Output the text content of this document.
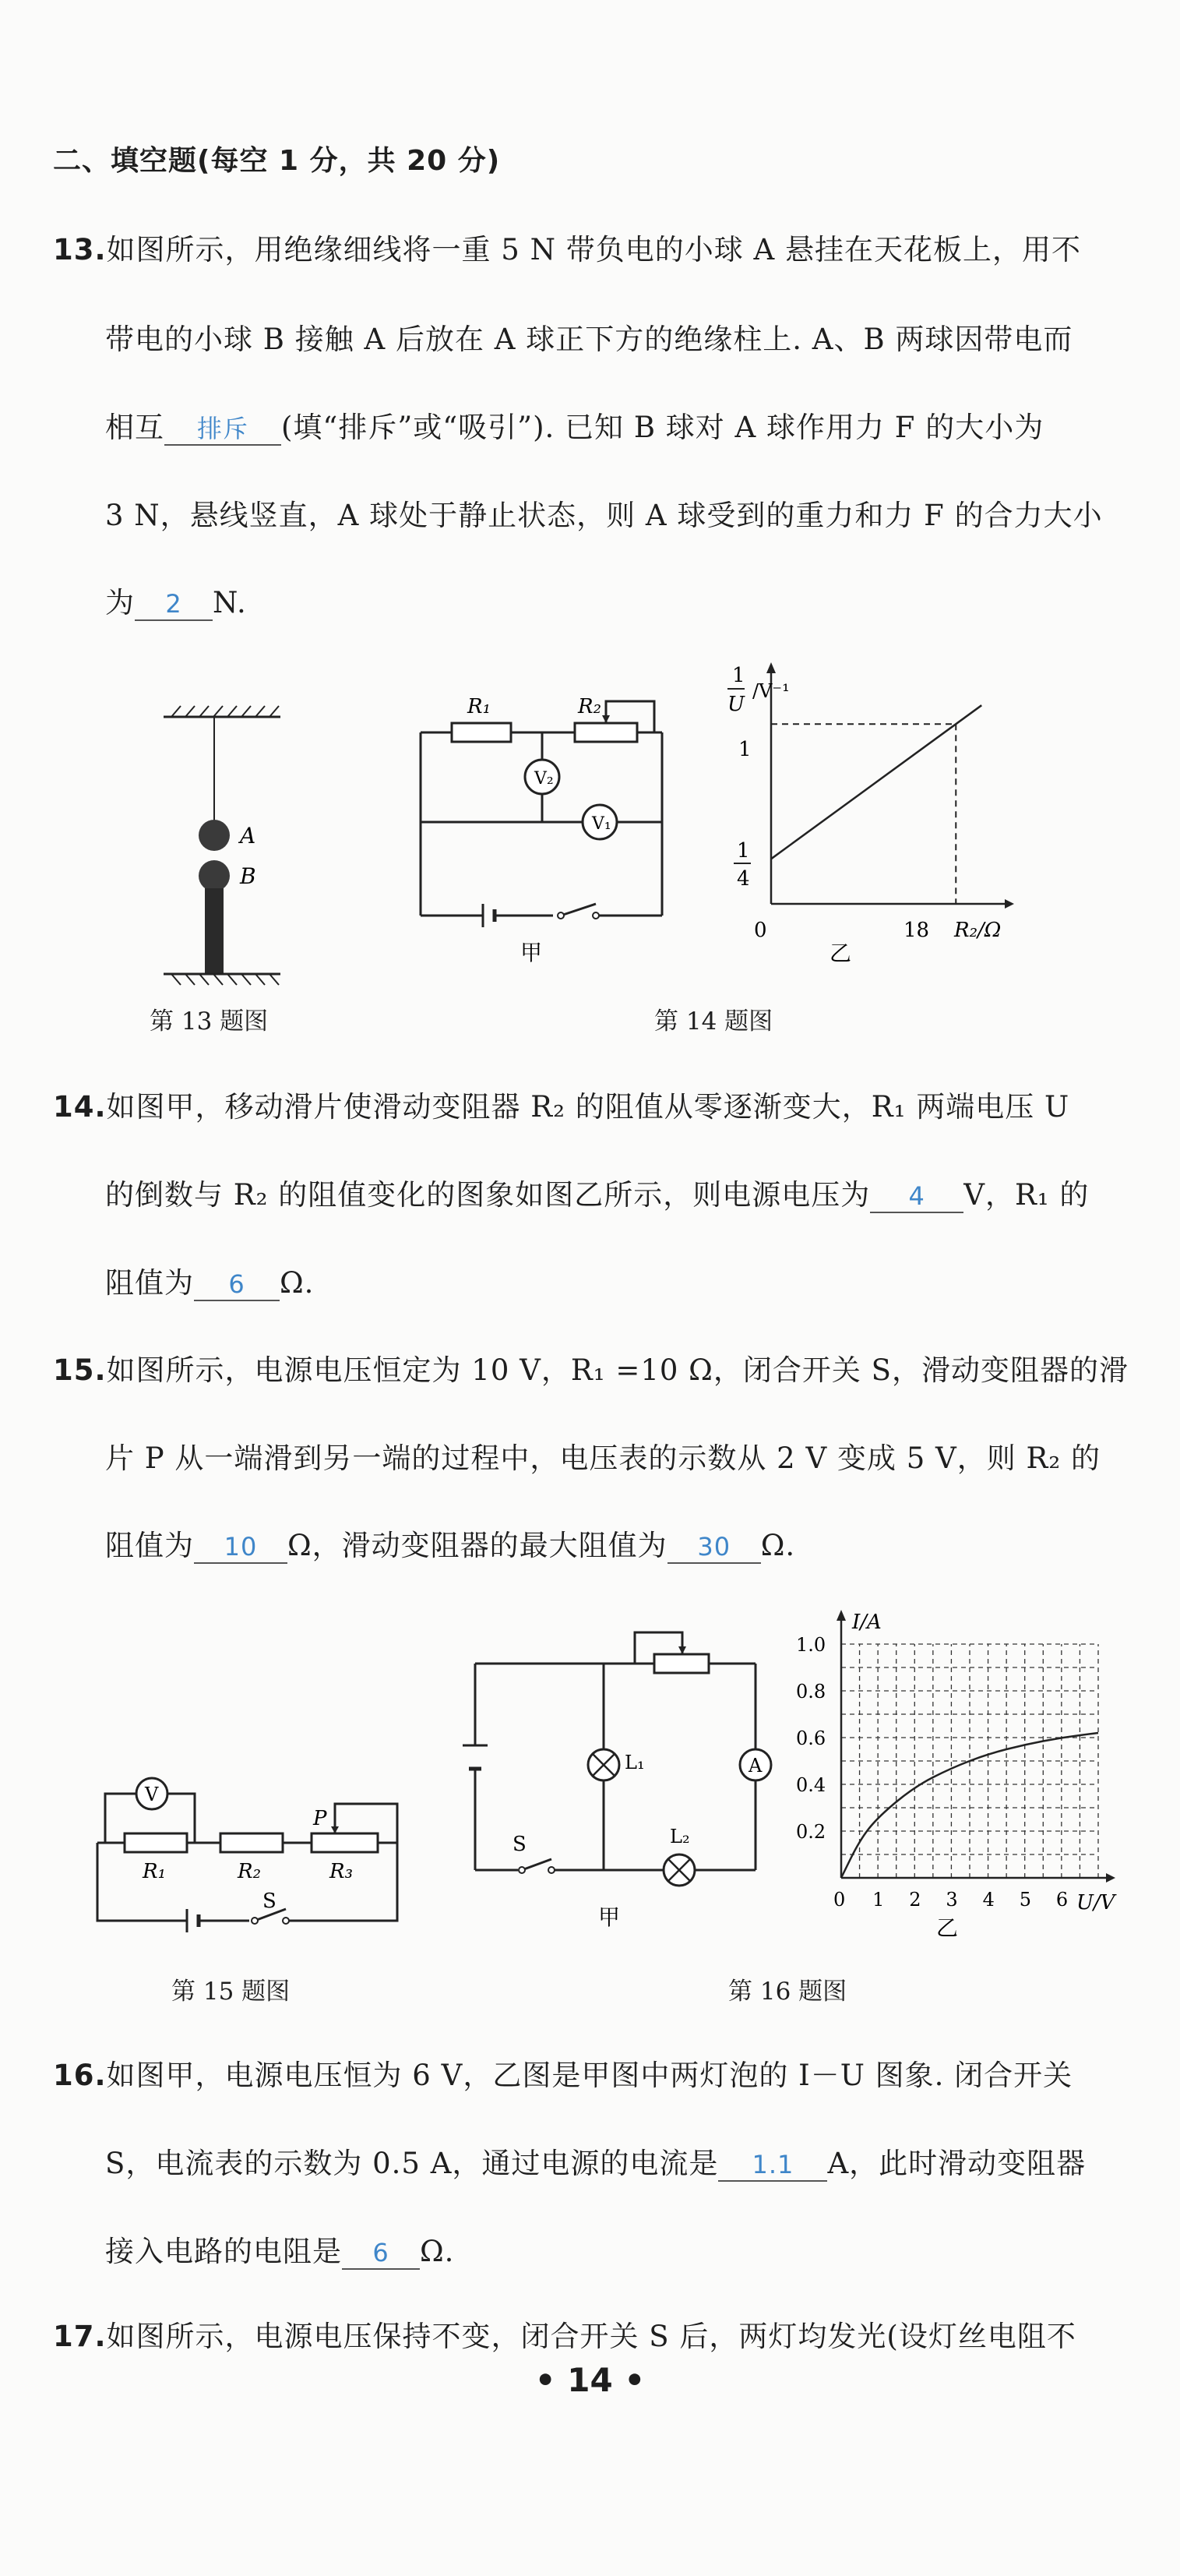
二、填空题(每空 1 分，共 20 分)
13.如图所示，用绝缘细线将一重 5 N 带负电的小球 A 悬挂在天花板上，用不
带电的小球 B 接触 A 后放在 A 球正下方的绝缘柱上. A、B 两球因带电而
相互 排斥 (填“排斥”或“吸引”). 已知 B 球对 A 球作用力 F 的大小为
3 N，悬线竖直，A 球处于静止状态，则 A 球受到的重力和力 F 的合力大小
为 2 N.
A
B
第 13 题图
V₂
V₁
R₁	R₂
甲
1
U
/V⁻¹
1
1
4
0	18 R₂/Ω
乙
第 14 题图
14.如图甲，移动滑片使滑动变阻器 R₂ 的阻值从零逐渐变大，R₁ 两端电压 U
的倒数与 R₂ 的阻值变化的图象如图乙所示，则电源电压为 4 V，R₁ 的
阻值为 6 Ω.
15.如图所示，电源电压恒定为 10 V，R₁ =10 Ω，闭合开关 S，滑动变阻器的滑
片 P 从一端滑到另一端的过程中，电压表的示数从 2 V 变成 5 V，则 R₂ 的
阻值为 10 Ω，滑动变阻器的最大阻值为 30 Ω.
V
R₁	R₂	R₃
P
S
第 15 题图
A
L₁
L₂
S
甲
0.2
0.4
0.6
0.8
1.0
1 2 3 4 5 6
I/A
U/V
0
乙
第 16 题图
16.如图甲，电源电压恒为 6 V，乙图是甲图中两灯泡的 I－U 图象. 闭合开关
S，电流表的示数为 0.5 A，通过电源的电流是 1.1 A，此时滑动变阻器
接入电路的电阻是 6 Ω.
17.如图所示，电源电压保持不变，闭合开关 S 后，两灯均发光(设灯丝电阻不
• 14 •
